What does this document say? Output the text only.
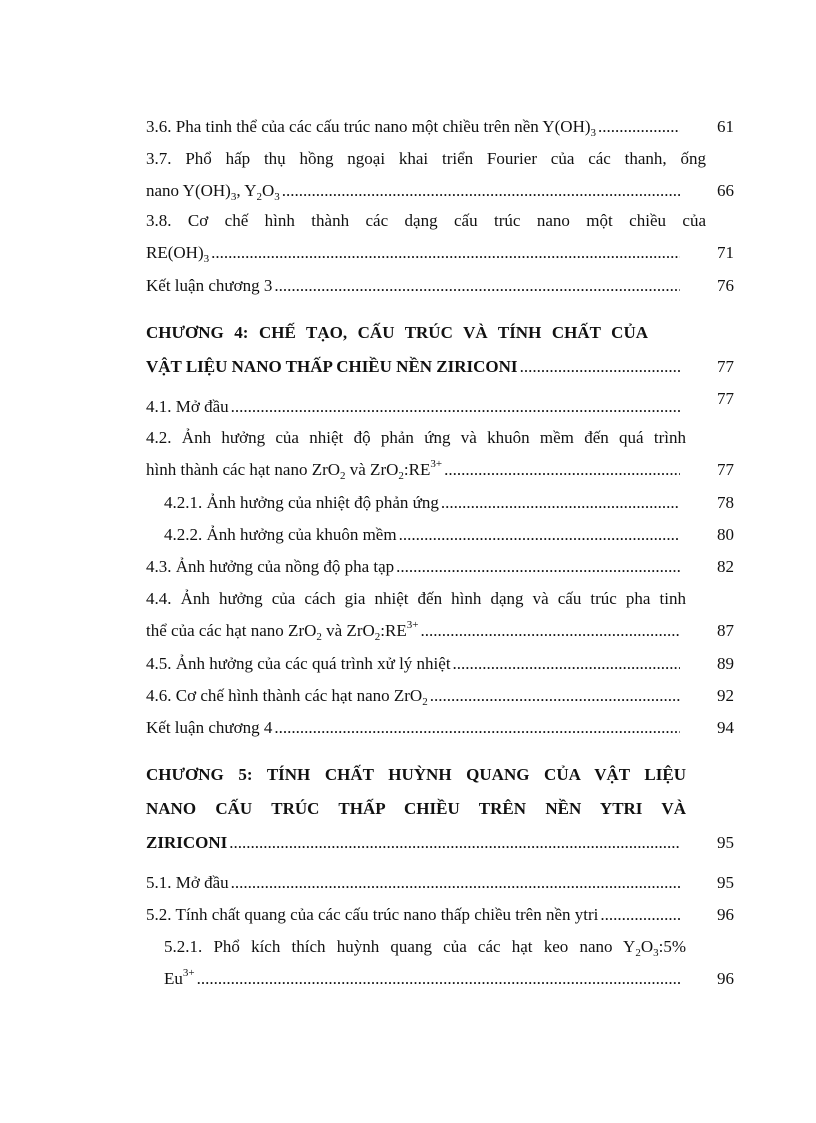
3.6. Pha tinh thể của các cấu trúc nano một chiều trên nền $Y(OH)_3$ .....	61
3.7. Phổ hấp thụ hồng ngoại khai triển Fourier của các thanh, ống
nano $Y(OH)_3$, $Y_2O_3$ .....	66
3.8. Cơ chế hình thành các dạng cấu trúc nano một chiều của
$RE(OH)_3$ .....	71
Kết luận chương 3 .....	76
CHƯƠNG 4: CHẾ TẠO, CẤU TRÚC VÀ TÍNH CHẤT CỦA
VẬT LIỆU NANO THẤP CHIỀU NỀN ZIRICONI .....	77
4.1. Mở đầu .....	77
4.2. Ảnh hưởng của nhiệt độ phản ứng và khuôn mềm đến quá trình
hình thành các hạt nano ZrO$_2$ và $ZrO_2:RE^{3+}$ .....	77
4.2.1. Ảnh hưởng của nhiệt độ phản ứng .....	78
4.2.2. Ảnh hưởng của khuôn mềm .....	80
4.3. Ảnh hưởng của nồng độ pha tạp .....	82
4.4. Ảnh hưởng của cách gia nhiệt đến hình dạng và cấu trúc pha tinh
thể của các hạt nano ZrO$_2$ và $ZrO_2:RE^{3+}$ .....	87
4.5. Ảnh hưởng của các quá trình xử lý nhiệt .....	89
4.6. Cơ chế hình thành các hạt nano ZrO$_2$ .....	92
Kết luận chương 4 .....	94
CHƯƠNG 5: TÍNH CHẤT HUỲNH QUANG CỦA VẬT LIỆU
NANO CẤU TRÚC THẤP CHIỀU TRÊN NỀN YTRI VÀ
ZIRICONI .....	95
5.1. Mở đầu .....	95
5.2. Tính chất quang của các cấu trúc nano thấp chiều trên nền ytri .....	96
5.2.1. Phổ kích thích huỳnh quang của các hạt keo nano $Y_2O_3:5\%$
$Eu^{3+}$ .....	96
